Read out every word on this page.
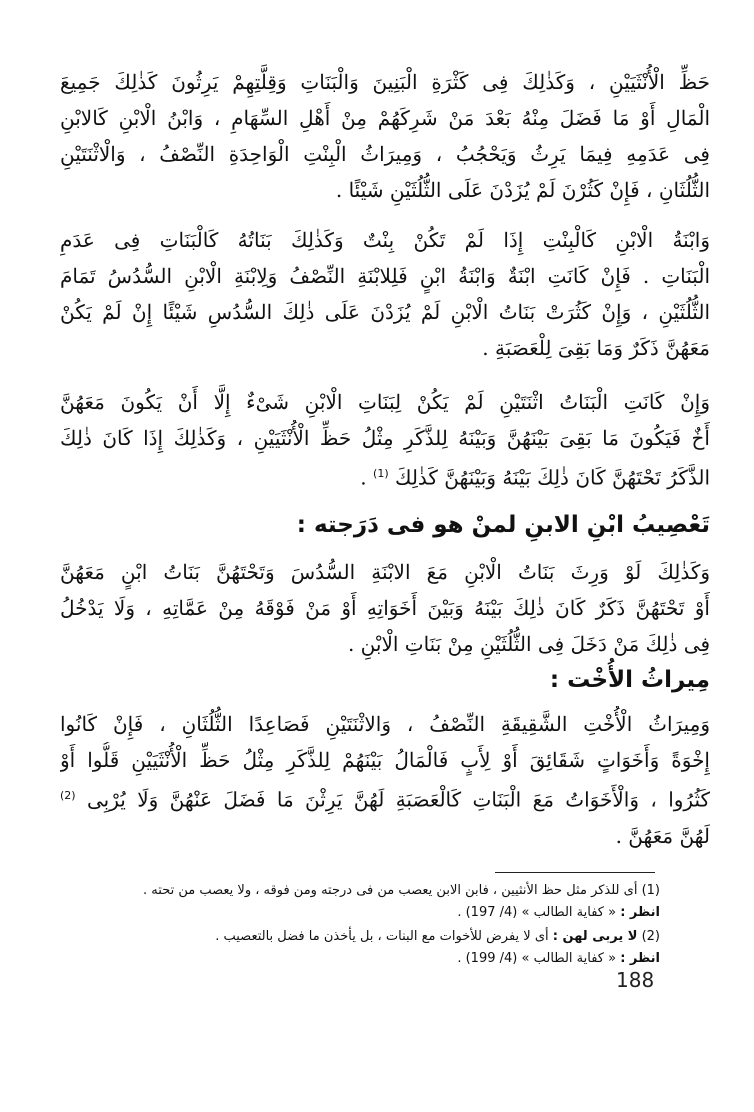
حَظِّ الْأُنْثَيَيْنِ ، وَكَذٰلِكَ فِى كَثْرَةِ الْبَنِينَ وَالْبَنَاتِ وَقِلَّتِهِمْ يَرِثُونَ كَذٰلِكَ جَمِيعَ
الْمَالِ أَوْ مَا فَضَلَ مِنْهُ بَعْدَ مَنْ شَرِكَهُمْ مِنْ أَهْلِ السِّهَامِ ، وَابْنُ الْابْنِ كَالابْنِ
فِى عَدَمِهِ فِيمَا يَرِثُ وَيَحْجُبُ ، وَمِيرَاثُ الْبِنْتِ الْوَاحِدَةِ النِّصْفُ ، وَالْاثْنَتَيْنِ
الثُّلُثَانِ ، فَإِنْ كَثُرْنَ لَمْ يُزَدْنَ عَلَى الثُّلُثَيْنِ شَيْئًا .
وَابْنَةُ الْابْنِ كَالْبِنْتِ إِذَا لَمْ تَكُنْ بِنْتٌ وَكَذٰلِكَ بَنَاتُهُ كَالْبَنَاتِ فِى عَدَمِ
الْبَنَاتِ . فَإِنْ كَانَتِ ابْنَةٌ وَابْنَةُ ابْنٍ فَلِلابْنَةِ النِّصْفُ وَلِابْنَةِ الْابْنِ السُّدُسُ تَمَامَ
الثُّلُثَيْنِ ، وَإِنْ كَثُرَتْ بَنَاتُ الْابْنِ لَمْ يُزَدْنَ عَلَى ذٰلِكَ السُّدُسِ شَيْئًا إِنْ لَمْ يَكُنْ
مَعَهُنَّ ذَكَرٌ وَمَا بَقِىَ لِلْعَصَبَةِ .
وَإِنْ كَانَتِ الْبَنَاتُ اثْنَتَيْنِ لَمْ يَكُنْ لِبَنَاتِ الْابْنِ شَىْءٌ إِلَّا أَنْ يَكُونَ مَعَهُنَّ
أَخٌ فَيَكُونَ مَا بَقِىَ بَيْنَهُنَّ وَبَيْنَهُ لِلذَّكَرِ مِثْلُ حَظِّ الْأُنْثَيَيْنِ ، وَكَذٰلِكَ إِذَا كَانَ ذٰلِكَ
الذَّكَرُ تَحْتَهُنَّ كَانَ ذٰلِكَ بَيْنَهُ وَبَيْنَهُنَّ كَذٰلِكَ $^{(1)}$ .
تَعْصِيبُ ابْنِ الابنِ لمنْ هو فى دَرَجته :
وَكَذٰلِكَ لَوْ وَرِثَ بَنَاتُ الْابْنِ مَعَ الابْنَةِ السُّدُسَ وَتَحْتَهُنَّ بَنَاتُ ابْنٍ مَعَهُنَّ
أَوْ تَحْتَهُنَّ ذَكَرٌ كَانَ ذٰلِكَ بَيْنَهُ وَبَيْنَ أَخَوَاتِهِ أَوْ مَنْ فَوْقَهُ مِنْ عَمَّاتِهِ ، وَلَا يَدْخُلُ
فِى ذٰلِكَ مَنْ دَخَلَ فِى الثُّلُثَيْنِ مِنْ بَنَاتِ الْابْنِ .
مِيراثُ الأُخْت :
وَمِيرَاثُ الْأُخْتِ الشَّقِيقَةِ النِّصْفُ ، وَالاثْنَتَيْنِ فَصَاعِدًا الثُّلُثَانِ ، فَإِنْ كَانُوا
إِخْوَةً وَأَخَوَاتٍ شَقَائِقَ أَوْ لِأَبٍ فَالْمَالُ بَيْنَهُمْ لِلذَّكَرِ مِثْلُ حَظِّ الْأُنْثَيَيْنِ قَلُّوا أَوْ
كَثُرُوا ، وَالْأَخَوَاتُ مَعَ الْبَنَاتِ كَالْعَصَبَةِ لَهُنَّ يَرِثْنَ مَا فَضَلَ عَنْهُنَّ وَلَا يُرْبِى $^{(2)}$
لَهُنَّ مَعَهُنَّ .
(1) أى للذكر مثل حظ الأنثيين ، فابن الابن يعصب من فى درجته ومن فوقه ، ولا يعصب من تحته .
انظر : « كفاية الطالب » (4/ 197) .
(2) لا يربى لهن : أى لا يفرض للأخوات مع البنات ، بل يأخذن ما فضل بالتعصيب .
انظر : « كفاية الطالب » (4/ 199) .
188
